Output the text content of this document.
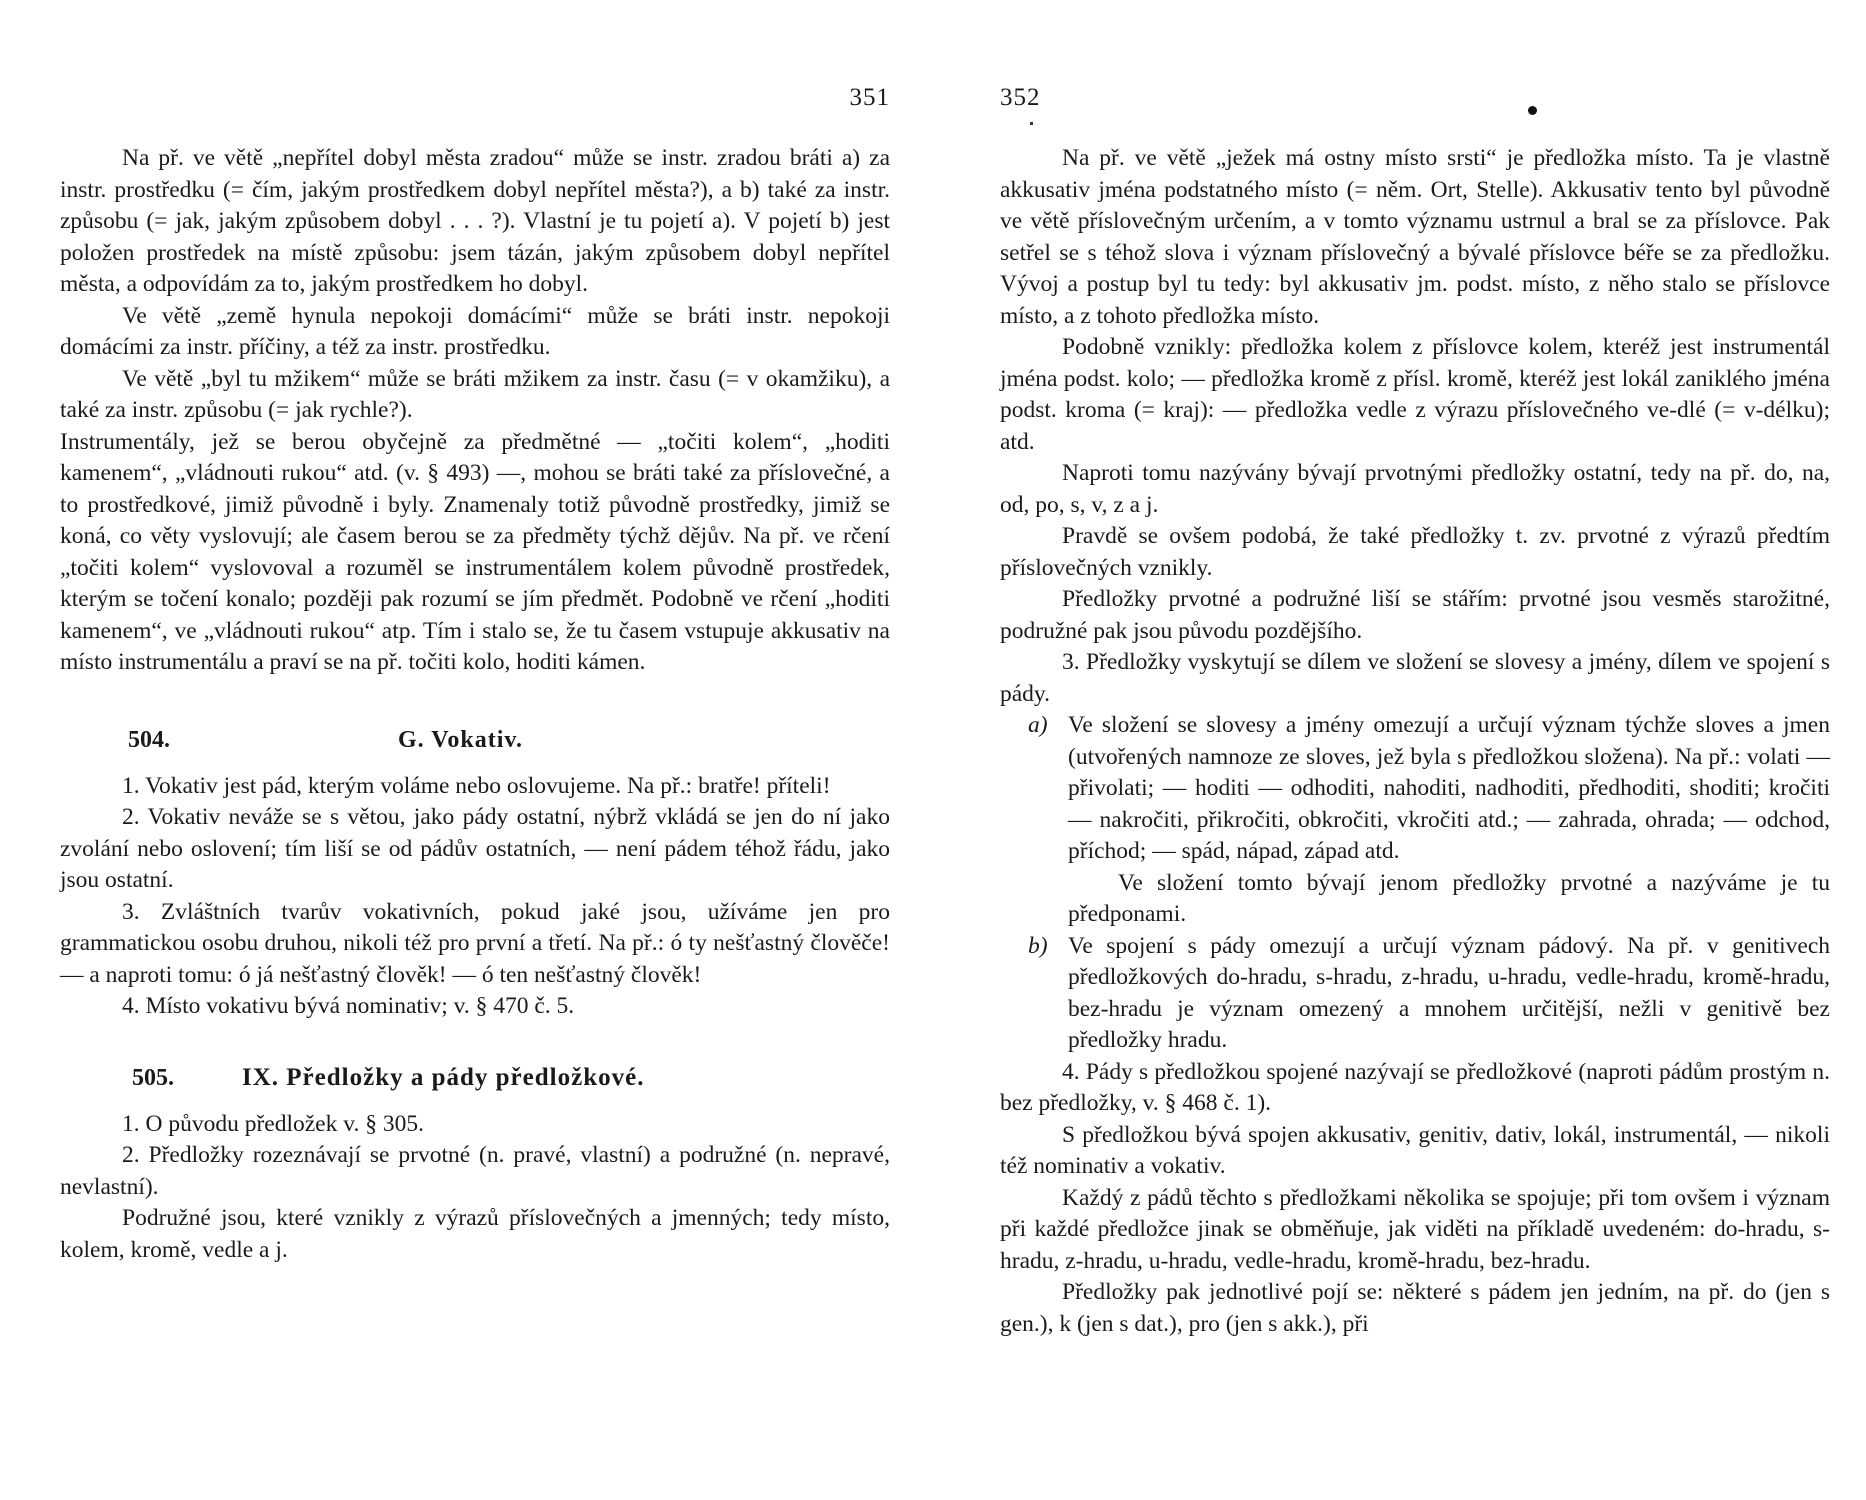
351

Na př. ve větě „nepřítel dobyl města zradou“ může se instr. zradou bráti a) za instr. prostředku (= čím, jakým prostředkem dobyl nepřítel města?), a b) také za instr. způsobu (= jak, jakým způsobem dobyl . . . ?). Vlastní je tu pojetí a). V pojetí b) jest položen prostředek na místě způsobu: jsem tázán, jakým způsobem dobyl nepřítel města, a odpovídám za to, jakým prostředkem ho dobyl.

Ve větě „země hynula nepokoji domácími“ může se bráti instr. nepokoji domácími za instr. příčiny, a též za instr. prostředku.

Ve větě „byl tu mžikem“ může se bráti mžikem za instr. času (= v okamžiku), a také za instr. způsobu (= jak rychle?).

Instrumentály, jež se berou obyčejně za předmětné — „točiti kolem“, „hoditi kamenem“, „vládnouti rukou“ atd. (v. § 493) —, mohou se bráti také za příslovečné, a to prostředkové, jimiž původně i byly. Znamenaly totiž původně prostředky, jimiž se koná, co věty vyslovují; ale časem berou se za předměty týchž dějův. Na př. ve rčení „točiti kolem“ vyslovoval a rozuměl se instrumentálem kolem původně prostředek, kterým se točení konalo; později pak rozumí se jím předmět. Podobně ve rčení „hoditi kamenem“, ve „vládnouti rukou“ atp. Tím i stalo se, že tu časem vstupuje akkusativ na místo instrumentálu a praví se na př. točiti kolo, hoditi kámen.

504.	G. Vokativ.

1. Vokativ jest pád, kterým voláme nebo oslovujeme. Na př.: bratře! příteli!

2. Vokativ neváže se s větou, jako pády ostatní, nýbrž vkládá se jen do ní jako zvolání nebo oslovení; tím liší se od pádův ostatních, — není pádem téhož řádu, jako jsou ostatní.

3. Zvláštních tvarův vokativních, pokud jaké jsou, užíváme jen pro grammatickou osobu druhou, nikoli též pro první a třetí. Na př.: ó ty nešťastný člověče! — a naproti tomu: ó já nešťastný člověk! — ó ten nešťastný člověk!

4. Místo vokativu bývá nominativ; v. § 470 č. 5.

505.	IX. Předložky a pády předložkové.

1. O původu předložek v. § 305.

2. Předložky rozeznávají se prvotné (n. pravé, vlastní) a podružné (n. nepravé, nevlastní).

Podružné jsou, které vznikly z výrazů příslovečných a jmenných; tedy místo, kolem, kromě, vedle a j.

352

Na př. ve větě „ježek má ostny místo srsti“ je předložka místo. Ta je vlastně akkusativ jména podstatného místo (= něm. Ort, Stelle). Akkusativ tento byl původně ve větě příslovečným určením, a v tomto významu ustrnul a bral se za příslovce. Pak setřel se s téhož slova i význam příslovečný a bývalé příslovce béře se za předložku. Vývoj a postup byl tu tedy: byl akkusativ jm. podst. místo, z něho stalo se příslovce místo, a z tohoto předložka místo.

Podobně vznikly: předložka kolem z příslovce kolem, kteréž jest instrumentál jména podst. kolo; — předložka kromě z přísl. kromě, kteréž jest lokál zaniklého jména podst. kroma (= kraj): — předložka vedle z výrazu příslovečného ve-dlé (= v-délku); atd.

Naproti tomu nazývány bývají prvotnými předložky ostatní, tedy na př. do, na, od, po, s, v, z a j.

Pravdě se ovšem podobá, že také předložky t. zv. prvotné z výrazů předtím příslovečných vznikly.

Předložky prvotné a podružné liší se stářím: prvotné jsou vesměs starožitné, podružné pak jsou původu pozdějšího.

3. Předložky vyskytují se dílem ve složení se slovesy a jmény, dílem ve spojení s pády.

a) Ve složení se slovesy a jmény omezují a určují význam týchže sloves a jmen (utvořených namnoze ze sloves, jež byla s předložkou složena). Na př.: volati — přivolati; — hoditi — odhoditi, nahoditi, nadhoditi, předhoditi, shoditi; kročiti — nakročiti, přikročiti, obkročiti, vkročiti atd.; — zahrada, ohrada; — odchod, příchod; — spád, nápad, západ atd.

Ve složení tomto bývají jenom předložky prvotné a nazýváme je tu předponami.

b) Ve spojení s pády omezují a určují význam pádový. Na př. v genitivech předložkových do-hradu, s-hradu, z-hradu, u-hradu, vedle-hradu, kromě-hradu, bez-hradu je význam omezený a mnohem určitější, nežli v genitivě bez předložky hradu.

4. Pády s předložkou spojené nazývají se předložkové (naproti pádům prostým n. bez předložky, v. § 468 č. 1).

S předložkou bývá spojen akkusativ, genitiv, dativ, lokál, instrumentál, — nikoli též nominativ a vokativ.

Každý z pádů těchto s předložkami několika se spojuje; při tom ovšem i význam při každé předložce jinak se obměňuje, jak viděti na příkladě uvedeném: do-hradu, s-hradu, z-hradu, u-hradu, vedle-hradu, kromě-hradu, bez-hradu.

Předložky pak jednotlivé pojí se: některé s pádem jen jedním, na př. do (jen s gen.), k (jen s dat.), pro (jen s akk.), při
